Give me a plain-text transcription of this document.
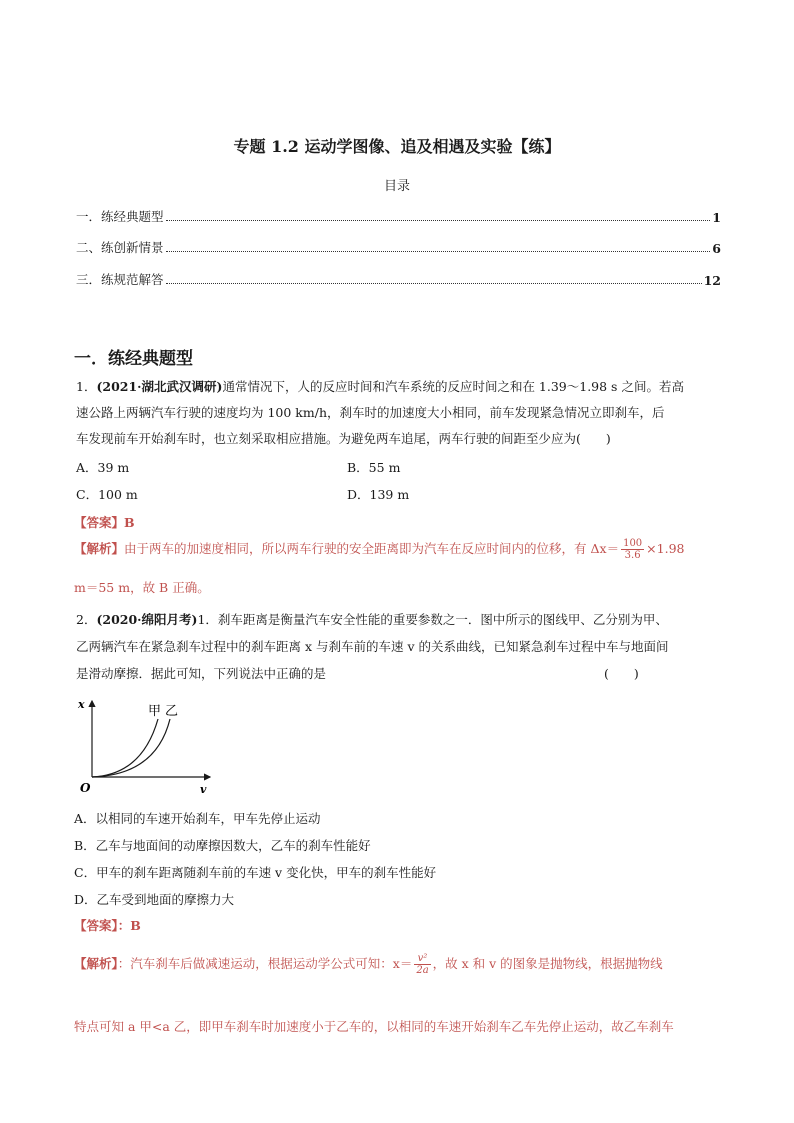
专题 1.2 运动学图像、追及相遇及实验【练】
目录
一．练经典题型	1
二、练创新情景	6
三．练规范解答	12
一．练经典题型
1．(2021·湖北武汉调研)通常情况下，人的反应时间和汽车系统的反应时间之和在 1.39～1.98 s 之间。若高
速公路上两辆汽车行驶的速度均为 100 km/h，刹车时的加速度大小相同，前车发现紧急情况立即刹车，后
车发现前车开始刹车时，也立刻采取相应措施。为避免两车追尾，两车行驶的间距至少应为(　　)
A．39 m	B．55 m
C．100 m	D．139 m
【答案】B
【解析】由于两车的加速度相同，所以两车行驶的安全距离即为汽车在反应时间内的位移，有 $\Delta x= \frac{100}{3.6} \times 1.98$
m＝55 m，故 B 正确。
2．(2020·绵阳月考)1．刹车距离是衡量汽车安全性能的重要参数之一．图中所示的图线甲、乙分别为甲、
乙两辆汽车在紧急刹车过程中的刹车距离 x 与刹车前的车速 v 的关系曲线，已知紧急刹车过程中车与地面间
是滑动摩擦．据此可知，下列说法中正确的是	(　　)
x
v
O
甲 乙
A．以相同的车速开始刹车，甲车先停止运动
B．乙车与地面间的动摩擦因数大，乙车的刹车性能好
C．甲车的刹车距离随刹车前的车速 v 变化快，甲车的刹车性能好
D．乙车受到地面的摩擦力大
【答案】：B
【解析】：汽车刹车后做减速运动，根据运动学公式可知：$x= \frac{\text{v²}}{2a}$ ，故 x 和 v 的图象是抛物线，根据抛物线
特点可知 a 甲<a 乙，即甲车刹车时加速度小于乙车的，以相同的车速开始刹车乙车先停止运动，故乙车刹车
